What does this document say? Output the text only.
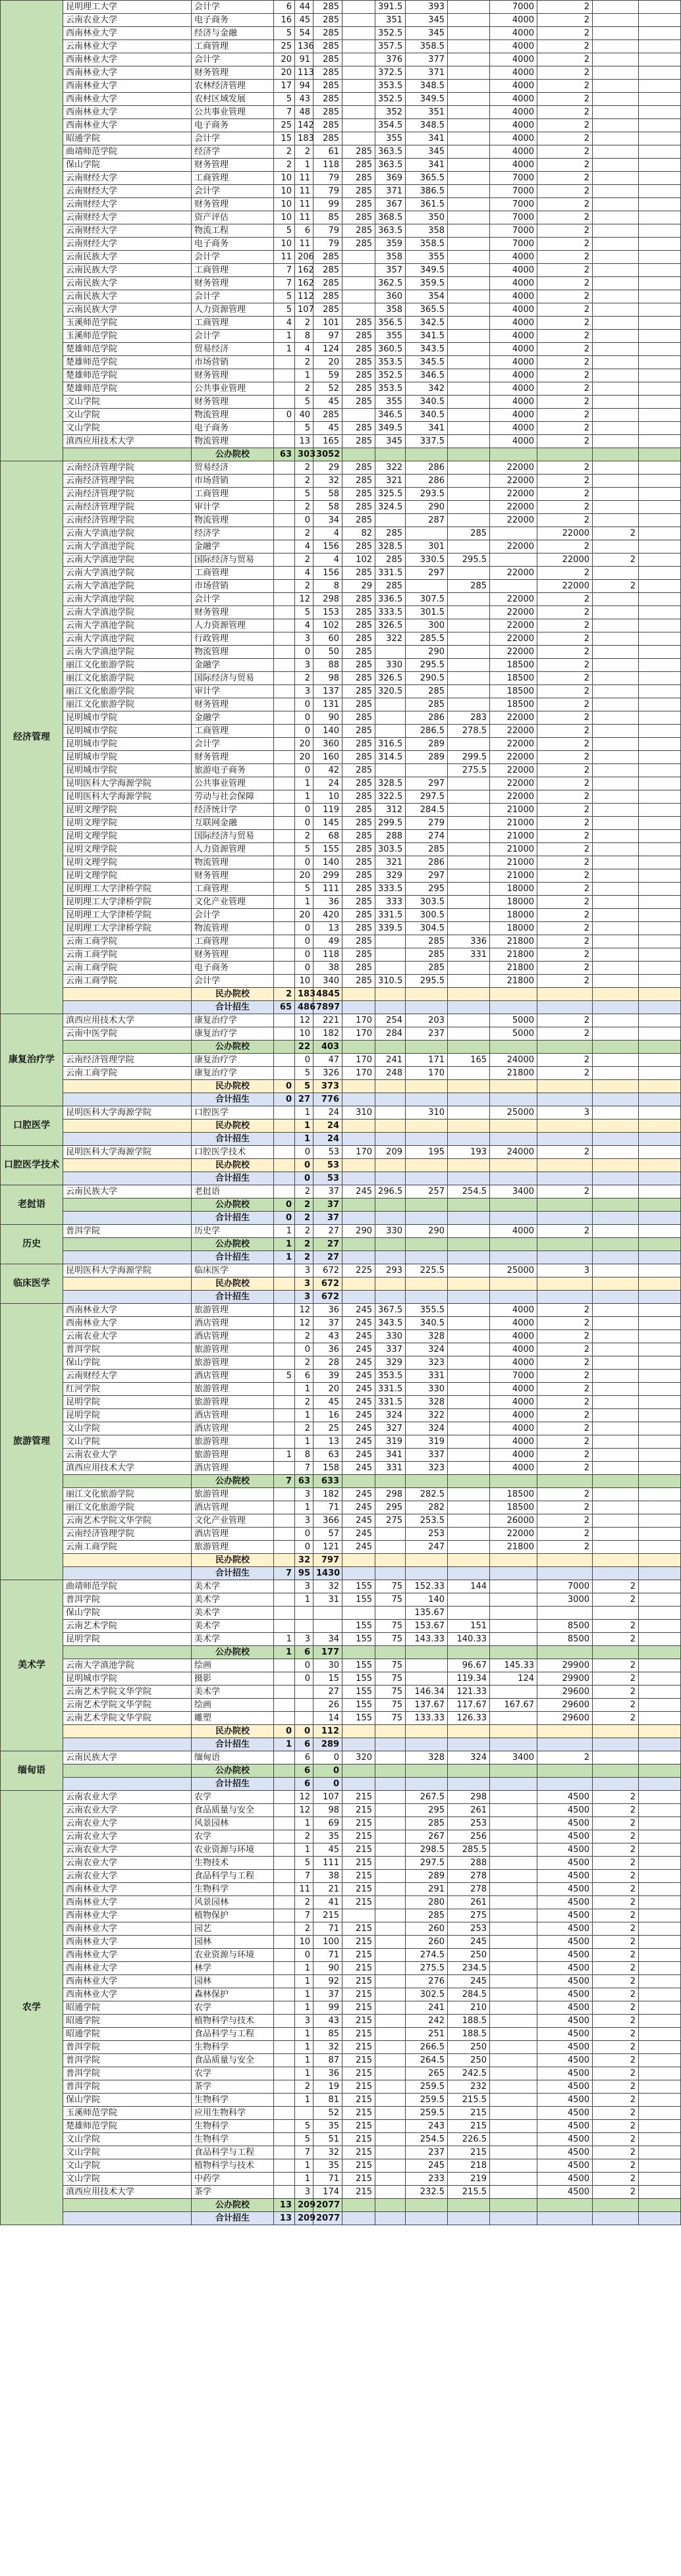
	昆明理工大学	会计学	6	44	285		391.5	393		7000	2		
	云南农业大学	电子商务	16	45	285		351	345		4000	2		
	西南林业大学	经济与金融	5	54	285		352.5	345		4000	2		
	云南林业大学	工商管理	25	136	285		357.5	358.5		4000	2		
	西南林业大学	会计学	20	91	285		376	377		4000	2		
	西南林业大学	财务管理	20	113	285		372.5	371		4000	2		
	西南林业大学	农林经济管理	17	94	285		353.5	348.5		4000	2		
	西南林业大学	农村区域发展	5	43	285		352.5	349.5		4000	2		
	西南林业大学	公共事业管理	7	48	285		352	351		4000	2		
	西南林业大学	电子商务	25	142	285		354.5	348.5		4000	2		
	昭通学院	会计学	15	183	285		355	341		4000	2		
	曲靖师范学院	经济学	2	2	61	285	363.5	345		4000	2		
	保山学院	财务管理	2	1	118	285	363.5	341		4000	2		
	云南财经大学	工商管理	10	11	79	285	369	365.5		7000	2		
	云南财经大学	会计学	10	11	79	285	371	386.5		7000	2		
	云南财经大学	财务管理	10	11	99	285	367	361.5		7000	2		
	云南财经大学	资产评估	10	11	85	285	368.5	350		7000	2		
	云南财经大学	物流工程	5	6	79	285	363.5	358		7000	2		
	云南财经大学	电子商务	10	11	79	285	359	358.5		7000	2		
	云南民族大学	会计学	11	206	285		358	355		4000	2		
	云南民族大学	工商管理	7	162	285		357	349.5		4000	2		
	云南民族大学	财务管理	7	162	285		362.5	359.5		4000	2		
	云南民族大学	会计学	5	112	285		360	354		4000	2		
	云南民族大学	人力资源管理	5	107	285		358	365.5		4000	2		
	玉溪师范学院	工商管理	4	2	101	285	356.5	342.5		4000	2		
	玉溪师范学院	会计学	1	8	97	285	355	341.5		4000	2		
	楚雄师范学院	贸易经济	1	4	124	285	360.5	343.5		4000	2		
	楚雄师范学院	市场营销		2	20	285	353.5	345.5		4000	2		
	楚雄师范学院	财务管理		1	59	285	352.5	346.5		4000	2		
	楚雄师范学院	公共事业管理		2	52	285	353.5	342		4000	2		
	文山学院	财务管理		5	45	285	355	340.5		4000	2		
	文山学院	物流管理	0	40	285		346.5	340.5		4000	2		
	文山学院	电子商务		5	45	285	349.5	341		4000	2		
	滇西应用技术大学	物流管理		13	165	285	345	337.5		4000	2		
		公办院校	63	303	3052								
经济管理	云南经济管理学院	贸易经济		2	29	285	322	286		22000	2		
	云南经济管理学院	市场营销		2	32	285	321	286		22000	2		
	云南经济管理学院	工商管理		5	58	285	325.5	293.5		22000	2		
	云南经济管理学院	审计学		2	58	285	324.5	290		22000	2		
	云南经济管理学院	物流管理		0	34	285		287		22000	2		
	云南大学滇池学院	经济学		2	4	82	285		285		22000	2	
	云南大学滇池学院	金融学		4	156	285	328.5	301		22000	2		
	云南大学滇池学院	国际经济与贸易		2	4	102	285	330.5	295.5		22000	2	
	云南大学滇池学院	工商管理		4	156	285	331.5	297		22000	2		
	云南大学滇池学院	市场营销		2	8	29	285		285		22000	2	
	云南大学滇池学院	会计学		12	298	285	336.5	307.5		22000	2		
	云南大学滇池学院	财务管理		5	153	285	333.5	301.5		22000	2		
	云南大学滇池学院	人力资源管理		4	102	285	326.5	300		22000	2		
	云南大学滇池学院	行政管理		3	60	285	322	285.5		22000	2		
	云南大学滇池学院	物流管理		0	50	285		290		22000	2		
	丽江文化旅游学院	金融学		3	88	285	330	295.5		18500	2		
	丽江文化旅游学院	国际经济与贸易		2	98	285	326.5	290.5		18500	2		
	丽江文化旅游学院	审计学		3	137	285	320.5	285		18500	2		
	丽江文化旅游学院	财务管理		0	131	285		285		18500	2		
	昆明城市学院	金融学		0	90	285		286	283	22000	2		
	昆明城市学院	工商管理		0	140	285		286.5	278.5	22000	2		
	昆明城市学院	会计学		20	360	285	316.5	289		22000	2		
	昆明城市学院	财务管理		20	160	285	314.5	289	299.5	22000	2		
	昆明城市学院	旅游电子商务		0	42	285			275.5	22000	2		
	昆明医科大学海源学院	公共事业管理		1	24	285	328.5	297		22000	2		
	昆明医科大学海源学院	劳动与社会保障		1	10	285	322.5	297.5		22000	2		
	昆明文理学院	经济统计学		0	119	285	312	284.5		21000	2		
	昆明文理学院	互联网金融		0	145	285	299.5	279		21000	2		
	昆明文理学院	国际经济与贸易		2	68	285	288	274		21000	2		
	昆明文理学院	人力资源管理		5	155	285	303.5	285		21000	2		
	昆明文理学院	物流管理		0	140	285	321	286		21000	2		
	昆明文理学院	财务管理		20	299	285	329	297		21000	2		
	昆明理工大学津桥学院	工商管理		5	111	285	333.5	295		18000	2		
	昆明理工大学津桥学院	文化产业管理		1	36	285	333	303.5		18000	2		
	昆明理工大学津桥学院	会计学		20	420	285	331.5	300.5		18000	2		
	昆明理工大学津桥学院	物流管理		0	13	285	339.5	304.5		18000	2		
	云南工商学院	工商管理		0	49	285		285	336	21800	2		
	云南工商学院	财务管理		0	118	285		285	331	21800	2		
	云南工商学院	电子商务		0	38	285		285		21800	2		
	云南工商学院	会计学		10	340	285	310.5	295.5		21800	2		
		民办院校	2	183	4845								
		合计招生	65	486	7897								
康复治疗学	滇西应用技术大学	康复治疗学		12	221	170	254	203		5000	2		
	云南中医学院	康复治疗学		10	182	170	284	237		5000	2		
		公办院校		22	403								
	云南经济管理学院	康复治疗学		0	47	170	241	171	165	24000	2		
	云南工商学院	康复治疗学		5	326	170	248	170		21800	2		
		民办院校	0	5	373								
		合计招生	0	27	776								
口腔医学	昆明医科大学海源学院	口腔医学		1	24	310		310		25000	3		
		民办院校		1	24								
		合计招生		1	24								
口腔医学技术	昆明医科大学海源学院	口腔医学技术		0	53	170	209	195	193	24000	2		
		民办院校		0	53								
		合计招生		0	53								
老挝语	云南民族大学	老挝语		2	37	245	296.5	257	254.5	3400	2		
		公办院校	0	2	37								
		合计招生	0	2	37								
历史	普洱学院	历史学	1	2	27	290	330	290		4000	2		
		公办院校	1	2	27								
		合计招生	1	2	27								
临床医学	昆明医科大学海源学院	临床医学		3	672	225	293	225.5		25000	3		
		民办院校		3	672								
		合计招生		3	672								
旅游管理	西南林业大学	旅游管理		12	36	245	367.5	355.5		4000	2		
	西南林业大学	酒店管理		12	37	245	343.5	340.5		4000	2		
	云南农业大学	酒店管理		2	43	245	330	328		4000	2		
	普洱学院	旅游管理		0	36	245	337	324		4000	2		
	保山学院	旅游管理		2	28	245	329	323		4000	2		
	云南财经大学	酒店管理	5	6	39	245	353.5	331		7000	2		
	红河学院	旅游管理		1	20	245	331.5	330		4000	2		
	昆明学院	旅游管理		2	45	245	331.5	328		4000	2		
	昆明学院	酒店管理		1	16	245	324	322		4000	2		
	文山学院	酒店管理		2	25	245	327	324		4000	2		
	文山学院	旅游管理		1	13	245	319	319		4000	2		
	云南农业大学	旅游管理	1	8	63	245	341	337		4000	2		
	滇西应用技术大学	酒店管理		7	158	245	331	323		4000	2		
		公办院校	7	63	633								
	丽江文化旅游学院	旅游管理		3	182	245	298	282.5		18500	2		
	丽江文化旅游学院	酒店管理		1	71	245	295	282		18500	2		
	云南艺术学院文华学院	文化产业管理		3	366	245	275	253.5		26000	2		
	云南经济管理学院	酒店管理		0	57	245		253		22000	2		
	云南工商学院	旅游管理		0	121	245		247		21800	2		
		民办院校		32	797								
		合计招生	7	95	1430								
美术学	曲靖师范学院	美术学		3	32	155	75	152.33	144		7000	2	
	普洱学院	美术学		1	31	155	75	140			3000	2	
	保山学院	美术学						135.67					
	云南艺术学院	美术学				155	75	153.67	151		8500	2	
	昆明学院	美术学	1	3	34	155	75	143.33	140.33		8500	2	
		公办院校	1	6	177								
	云南大学滇池学院	绘画		0	30	155	75		96.67	145.33	29900	2	
	昆明城市学院	摄影		0	15	155	75		119.34	124	29900	2	
	云南艺术学院文华学院	美术学			27	155	75	146.34	121.33		29600	2	
	云南艺术学院文华学院	绘画			26	155	75	137.67	117.67	167.67	29600	2	
	云南艺术学院文华学院	雕塑			14	155	75	133.33	126.33		29600	2	
		民办院校	0	0	112								
		合计招生	1	6	289								
缅甸语	云南民族大学	缅甸语		6	0	320		328	324	3400	2		
		公办院校		6	0								
		合计招生		6	0								
农学	云南农业大学	农学		12	107	215		267.5	298		4500	2	
	云南农业大学	食品质量与安全		12	98	215		295	261		4500	2	
	云南农业大学	风景园林		1	69	215		285	253		4500	2	
	云南农业大学	农学		2	35	215		267	256		4500	2	
	云南农业大学	农业资源与环境		1	45	215		298.5	285.5		4500	2	
	云南农业大学	生物技术		5	111	215		297.5	288		4500	2	
	云南农业大学	食品科学与工程		7	38	215		289	278		4500	2	
	西南林业大学	生物科学		11	21	215		291	278		4500	2	
	西南林业大学	风景园林		2	41	215		280	261		4500	2	
	西南林业大学	植物保护		7	215			285	275		4500	2	
	西南林业大学	园艺		2	71	215		260	253		4500	2	
	西南林业大学	园林		10	100	215		260	245		4500	2	
	西南林业大学	农业资源与环境		0	71	215		274.5	250		4500	2	
	西南林业大学	林学		1	90	215		275.5	234.5		4500	2	
	西南林业大学	园林		1	92	215		276	245		4500	2	
	西南林业大学	森林保护		1	37	215		302.5	284.5		4500	2	
	昭通学院	农学		1	99	215		241	210		4500	2	
	昭通学院	植物科学与技术		3	43	215		242	188.5		4500	2	
	昭通学院	食品科学与工程		1	85	215		251	188.5		4500	2	
	普洱学院	生物科学		1	32	215		266.5	250		4500	2	
	普洱学院	食品质量与安全		1	87	215		264.5	250		4500	2	
	普洱学院	农学		1	36	215		265	242.5		4500	2	
	普洱学院	茶学		2	19	215		259.5	232		4500	2	
	保山学院	生物科学		1	81	215		259.5	215.5		4500	2	
	玉溪师范学院	应用生物科学			52	215		259.5	215		4500	2	
	楚雄师范学院	生物科学		5	35	215		243	215		4500	2	
	文山学院	生物科学		5	51	215		254.5	226.5		4500	2	
	文山学院	食品科学与工程		7	32	215		237	215		4500	2	
	文山学院	植物科学与技术		1	35	215		245	218		4500	2	
	文山学院	中药学		1	71	215		233	219		4500	2	
	滇西应用技术大学	茶学		3	174	215		232.5	215.5		4500	2	
		公办院校	13	209	2077								
		合计招生	13	209	2077								
